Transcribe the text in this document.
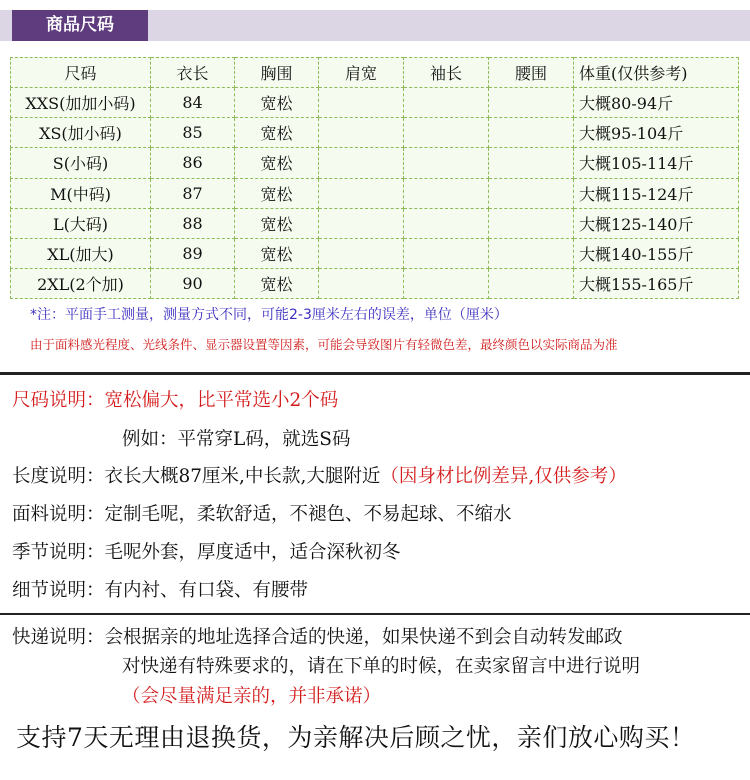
商品尺码
尺码	衣长	胸围	肩宽	袖长	腰围	体重(仅供参考)
XXS(加加小码)	84	宽松				大概80-94斤
XS(加小码)	85	宽松				大概95-104斤
S(小码)	86	宽松				大概105-114斤
M(中码)	87	宽松				大概115-124斤
L(大码)	88	宽松				大概125-140斤
XL(加大)	89	宽松				大概140-155斤
2XL(2个加)	90	宽松				大概155-165斤
*注：平面手工测量，测量方式不同，可能2-3厘米左右的误差，单位（厘米）
由于面料感光程度、光线条件、显示器设置等因素，可能会导致图片有轻微色差，最终颜色以实际商品为准
尺码说明：宽松偏大，比平常选小2个码
例如：平常穿L码，就选S码
长度说明：衣长大概87厘米,中长款,大腿附近（因身材比例差异,仅供参考）
面料说明：定制毛呢，柔软舒适，不褪色、不易起球、不缩水
季节说明：毛呢外套，厚度适中，适合深秋初冬
细节说明：有内衬、有口袋、有腰带
快递说明：会根据亲的地址选择合适的快递，如果快递不到会自动转发邮政
对快递有特殊要求的，请在下单的时候，在卖家留言中进行说明
（会尽量满足亲的，并非承诺）
支持7天无理由退换货，为亲解决后顾之忧，亲们放心购买！
